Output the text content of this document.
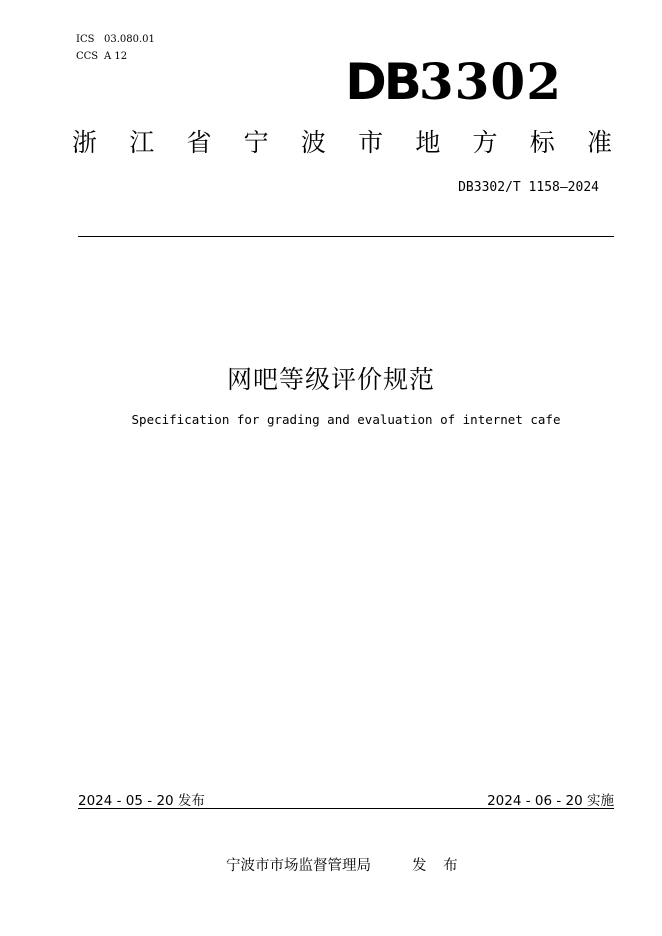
ICS 03.080.01
CCS A 12	DB3302
浙 江 省 宁 波 市 地 方 标 准
DB3302/T 1158—2024
网吧等级评价规范
Specification for grading and evaluation of internet cafe
2024 - 05 - 20 发布	2024 - 06 - 20 实施
宁波市市场监督管理局	发 布
